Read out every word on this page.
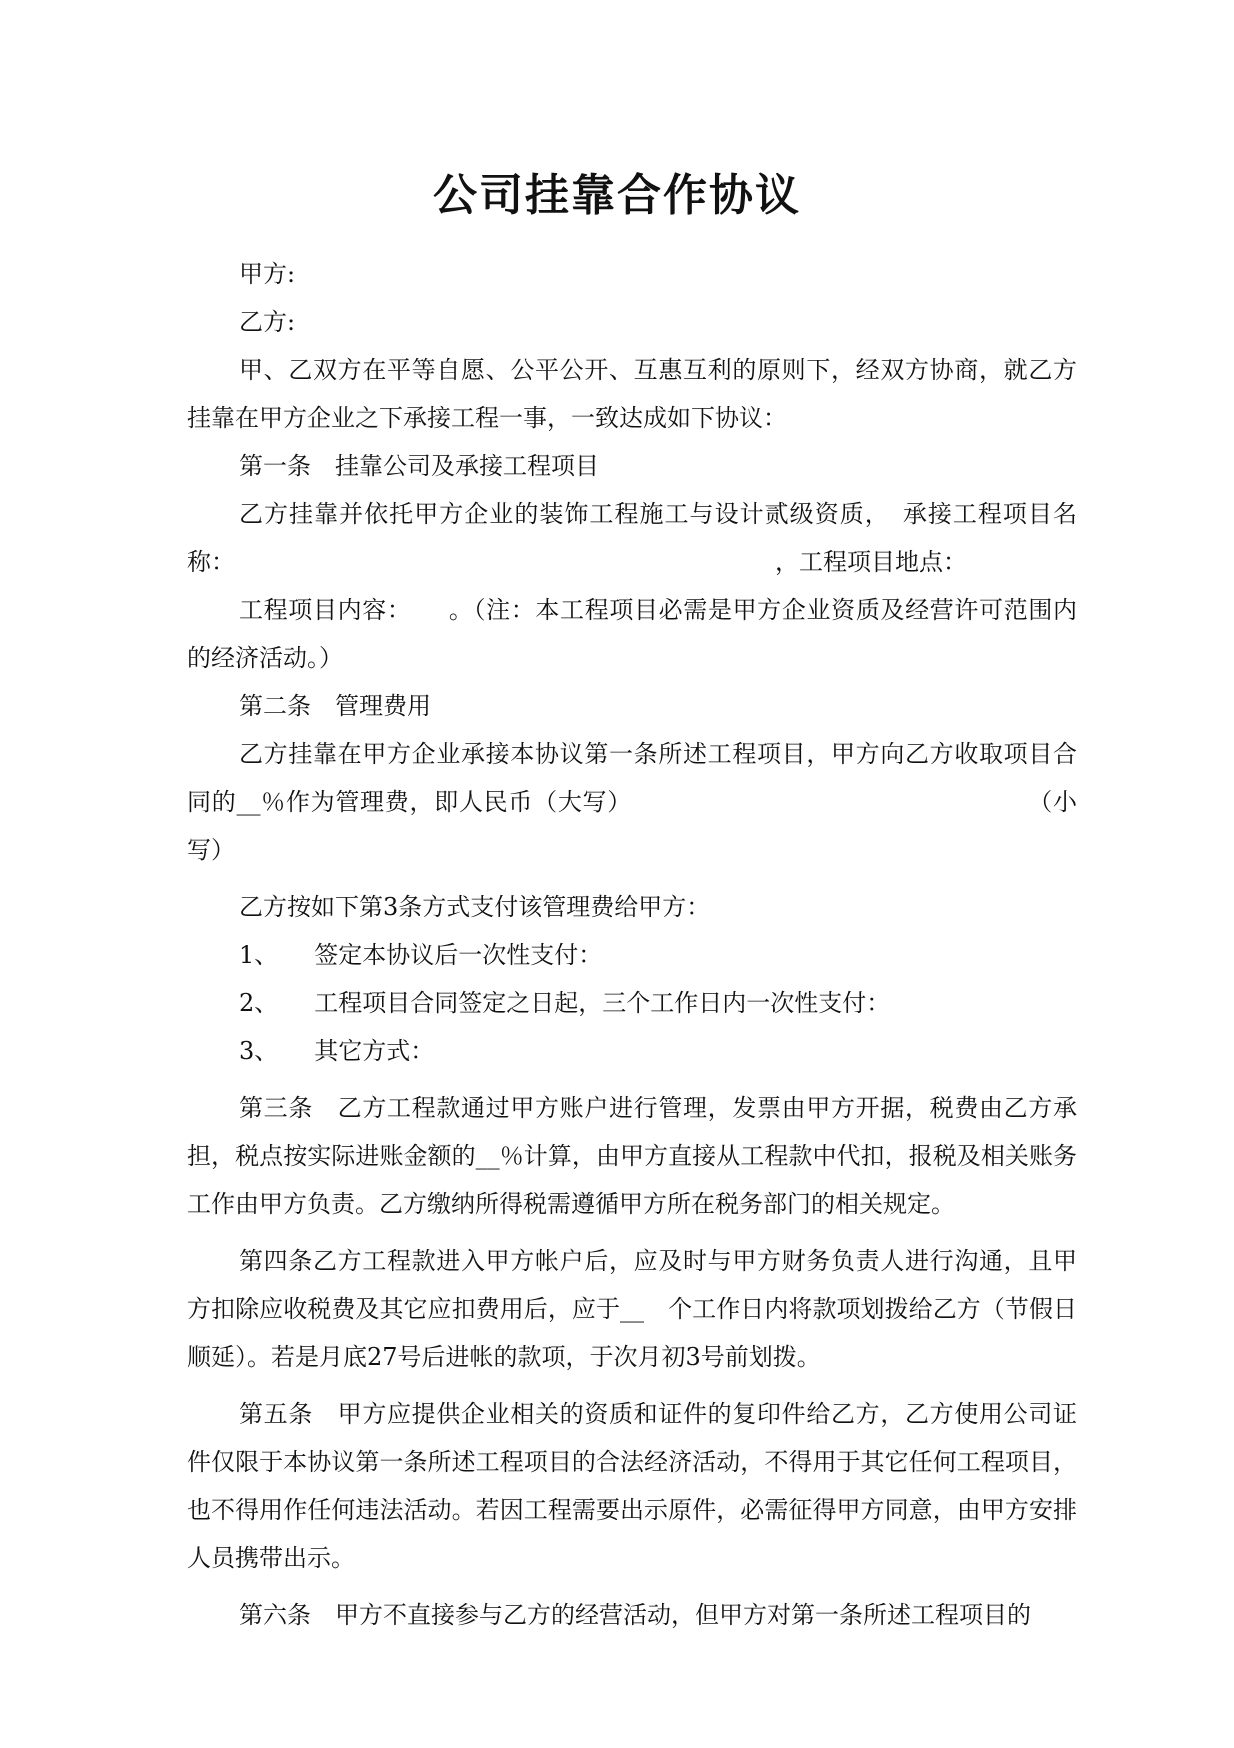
公司挂靠合作协议

甲方:

乙方:

甲、乙双方在平等自愿、公平公开、互惠互利的原则下，经双方协商，就乙方挂靠在甲方企业之下承接工程一事，一致达成如下协议：

第一条　挂靠公司及承接工程项目

乙方挂靠并依托甲方企业的装饰工程施工与设计贰级资质，　承接工程项目名称：　　　　　　　　　　　　　　　　　　　　　　　，工程项目地点：

工程项目内容：　　。（注：本工程项目必需是甲方企业资质及经营许可范围内的经济活动。）

第二条　管理费用

乙方挂靠在甲方企业承接本协议第一条所述工程项目，甲方向乙方收取项目合同的__％作为管理费，即人民币（大写）　　　　　　　　　　　　　　　　　（小写）

乙方按如下第3条方式支付该管理费给甲方：

1、　　签定本协议后一次性支付：

2、　　工程项目合同签定之日起，三个工作日内一次性支付：

3、　　其它方式：

第三条　乙方工程款通过甲方账户进行管理，发票由甲方开据，税费由乙方承担，税点按实际进账金额的__％计算，由甲方直接从工程款中代扣，报税及相关账务工作由甲方负责。乙方缴纳所得税需遵循甲方所在税务部门的相关规定。

第四条乙方工程款进入甲方帐户后，应及时与甲方财务负责人进行沟通，且甲方扣除应收税费及其它应扣费用后，应于__　个工作日内将款项划拨给乙方（节假日顺延）。若是月底27号后进帐的款项，于次月初3号前划拨。

第五条　甲方应提供企业相关的资质和证件的复印件给乙方，乙方使用公司证件仅限于本协议第一条所述工程项目的合法经济活动，不得用于其它任何工程项目，也不得用作任何违法活动。若因工程需要出示原件，必需征得甲方同意，由甲方安排人员携带出示。

第六条　甲方不直接参与乙方的经营活动，但甲方对第一条所述工程项目的
